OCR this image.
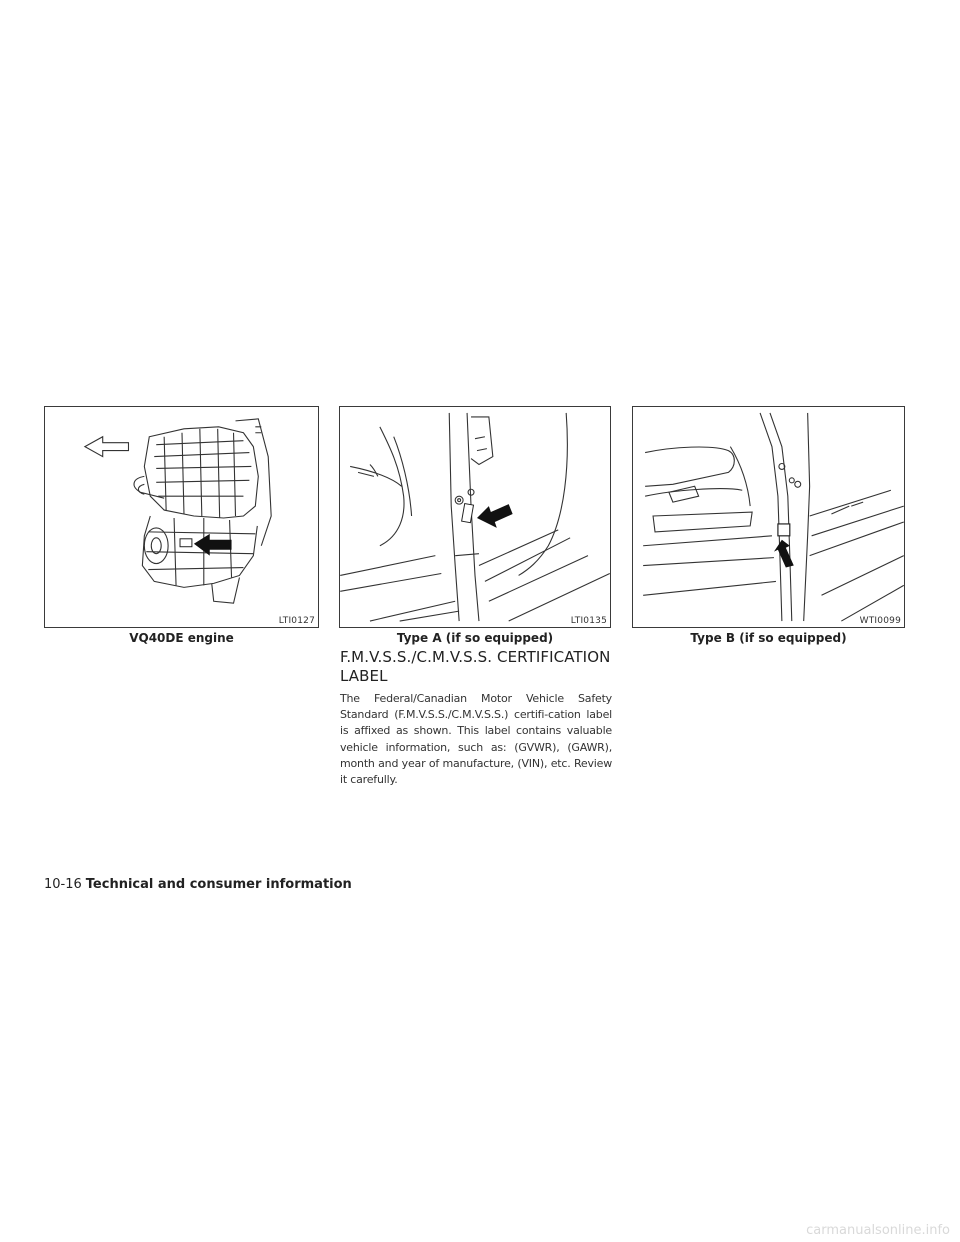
LTI0127
VQ40DE engine
LTI0135
Type A (if so equipped)
WTI0099
Type B (if so equipped)
F.M.V.S.S./C.M.V.S.S. CERTIFICATION
LABEL

The Federal/Canadian Motor Vehicle Safety Standard (F.M.V.S.S./C.M.V.S.S.) certifi-cation label is affixed as shown. This label contains valuable vehicle information, such as: (GVWR), (GAWR), month and year of manufacture, (VIN), etc. Review it carefully.

10-16 Technical and consumer information
carmanualsonline.info
